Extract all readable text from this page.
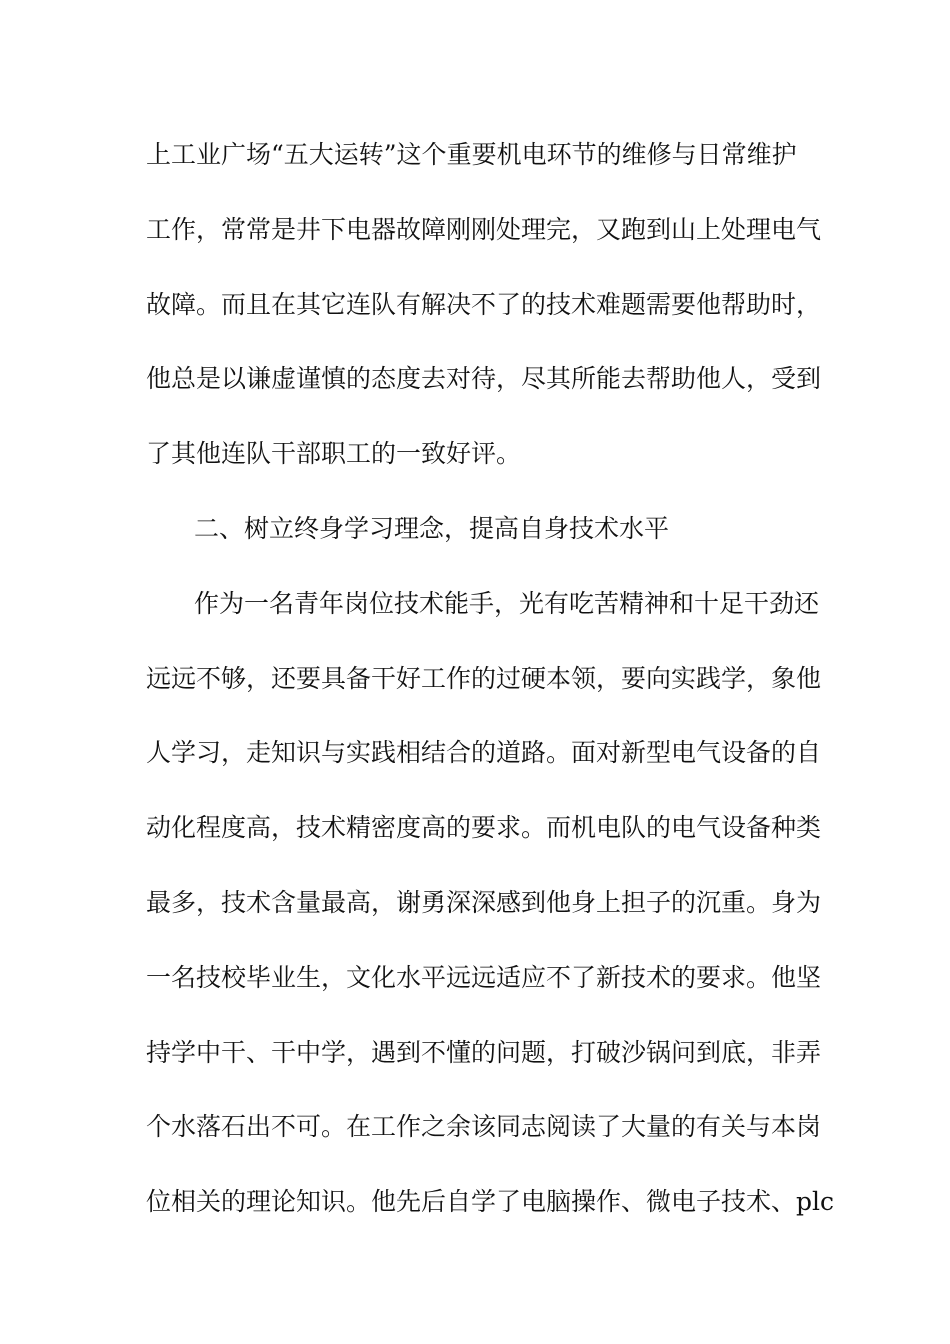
上工业广场“五大运转”这个重要机电环节的维修与日常维护
工作，常常是井下电器故障刚刚处理完，又跑到山上处理电气
故障。而且在其它连队有解决不了的技术难题需要他帮助时，
他总是以谦虚谨慎的态度去对待，尽其所能去帮助他人，受到
了其他连队干部职工的一致好评。
二、树立终身学习理念，提高自身技术水平
作为一名青年岗位技术能手，光有吃苦精神和十足干劲还
远远不够，还要具备干好工作的过硬本领，要向实践学，象他
人学习，走知识与实践相结合的道路。面对新型电气设备的自
动化程度高，技术精密度高的要求。而机电队的电气设备种类
最多，技术含量最高，谢勇深深感到他身上担子的沉重。身为
一名技校毕业生，文化水平远远适应不了新技术的要求。他坚
持学中干、干中学，遇到不懂的问题，打破沙锅问到底，非弄
个水落石出不可。在工作之余该同志阅读了大量的有关与本岗
位相关的理论知识。他先后自学了电脑操作、微电子技术、plc
